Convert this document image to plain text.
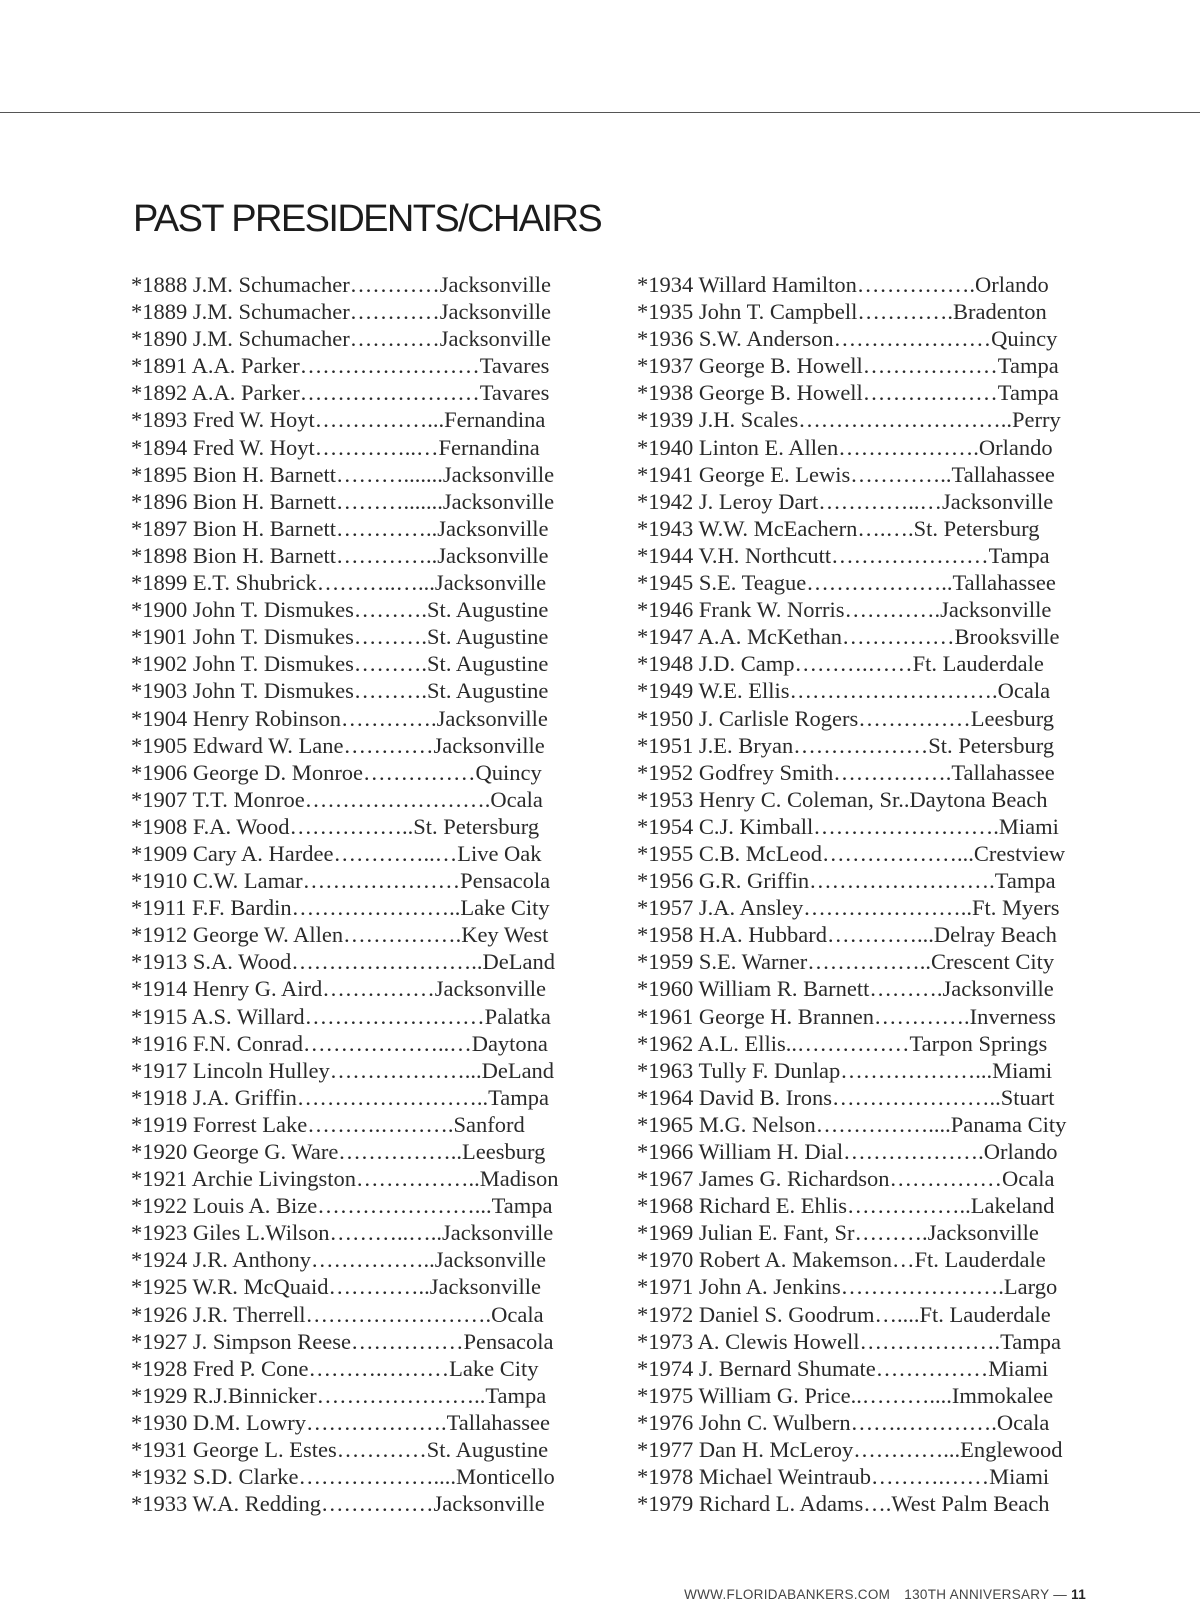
PAST PRESIDENTS/CHAIRS
*1888 J.M. Schumacher…………Jacksonville
*1889 J.M. Schumacher…………Jacksonville
*1890 J.M. Schumacher…………Jacksonville
*1891 A.A. Parker……………………Tavares
*1892 A.A. Parker……………………Tavares
*1893 Fred W. Hoyt……………...Fernandina
*1894 Fred W. Hoyt…………..…Fernandina
*1895 Bion H. Barnett……….......Jacksonville
*1896 Bion H. Barnett……….......Jacksonville
*1897 Bion H. Barnett…………..Jacksonville
*1898 Bion H. Barnett…………..Jacksonville
*1899 E.T. Shubrick………..…...Jacksonville
*1900 John T. Dismukes……….St. Augustine
*1901 John T. Dismukes……….St. Augustine
*1902 John T. Dismukes……….St. Augustine
*1903 John T. Dismukes……….St. Augustine
*1904 Henry Robinson………….Jacksonville
*1905 Edward W. Lane…………Jacksonville
*1906 George D. Monroe……………Quincy
*1907 T.T. Monroe…………………….Ocala
*1908 F.A. Wood……………..St. Petersburg
*1909 Cary A. Hardee…………..…Live Oak
*1910 C.W. Lamar…………………Pensacola
*1911 F.F. Bardin…………………..Lake City
*1912 George W. Allen…………….Key West
*1913 S.A. Wood……………………..DeLand
*1914 Henry G. Aird……………Jacksonville
*1915 A.S. Willard……………………Palatka
*1916 F.N. Conrad………………..…Daytona
*1917 Lincoln Hulley………………...DeLand
*1918 J.A. Griffin……………………..Tampa
*1919 Forrest Lake……….……….Sanford
*1920 George G. Ware……………..Leesburg
*1921 Archie Livingston……………..Madison
*1922 Louis A. Bize…………………...Tampa
*1923 Giles L.Wilson………..…..Jacksonville
*1924 J.R. Anthony……………..Jacksonville
*1925 W.R. McQuaid…………..Jacksonville
*1926 J.R. Therrell…………………….Ocala
*1927 J. Simpson Reese……………Pensacola
*1928 Fred P. Cone……….………Lake City
*1929 R.J.Binnicker…………………..Tampa
*1930 D.M. Lowry……………….Tallahassee
*1931 George L. Estes…………St. Augustine
*1932 S.D. Clarke………………....Monticello
*1933 W.A. Redding……………Jacksonville
*1934 Willard Hamilton…………….Orlando
*1935 John T. Campbell………….Bradenton
*1936 S.W. Anderson…………………Quincy
*1937 George B. Howell………………Tampa
*1938 George B. Howell………………Tampa
*1939 J.H. Scales………………………..Perry
*1940 Linton E. Allen……………….Orlando
*1941 George E. Lewis…………..Tallahassee
*1942 J. Leroy Dart…………..…Jacksonville
*1943 W.W. McEachern….….St. Petersburg
*1944 V.H. Northcutt…………………Tampa
*1945 S.E. Teague………………..Tallahassee
*1946 Frank W. Norris………….Jacksonville
*1947 A.A. McKethan……………Brooksville
*1948 J.D. Camp……….……Ft. Lauderdale
*1949 W.E. Ellis……………………….Ocala
*1950 J. Carlisle Rogers……………Leesburg
*1951 J.E. Bryan………………St. Petersburg
*1952 Godfrey Smith…………….Tallahassee
*1953 Henry C. Coleman, Sr..Daytona Beach
*1954 C.J. Kimball…………………….Miami
*1955 C.B. McLeod………………...Crestview
*1956 G.R. Griffin…………………….Tampa
*1957 J.A. Ansley…………………..Ft. Myers
*1958 H.A. Hubbard…………...Delray Beach
*1959 S.E. Warner……………..Crescent City
*1960 William R. Barnett……….Jacksonville
*1961 George H. Brannen………….Inverness
*1962 A.L. Ellis..……………Tarpon Springs
*1963 Tully F. Dunlap………………...Miami
*1964 David B. Irons…………………..Stuart
*1965 M.G. Nelson……………....Panama City
*1966 William H. Dial……………….Orlando
*1967 James G. Richardson……………Ocala
*1968 Richard E. Ehlis……………..Lakeland
*1969 Julian E. Fant, Sr……….Jacksonville
*1970 Robert A. Makemson…Ft. Lauderdale
*1971 John A. Jenkins………………….Largo
*1972 Daniel S. Goodrum…....Ft. Lauderdale
*1973 A. Clewis Howell……………….Tampa
*1974 J. Bernard Shumate……………Miami
*1975 William G. Price..………....Immokalee
*1976 John C. Wulbern…….………….Ocala
*1977 Dan H. McLeroy…………...Englewood
*1978 Michael Weintraub……….……Miami
*1979 Richard L. Adams….West Palm Beach
WWW.FLORIDABANKERS.COM 130TH ANNIVERSARY — 11
